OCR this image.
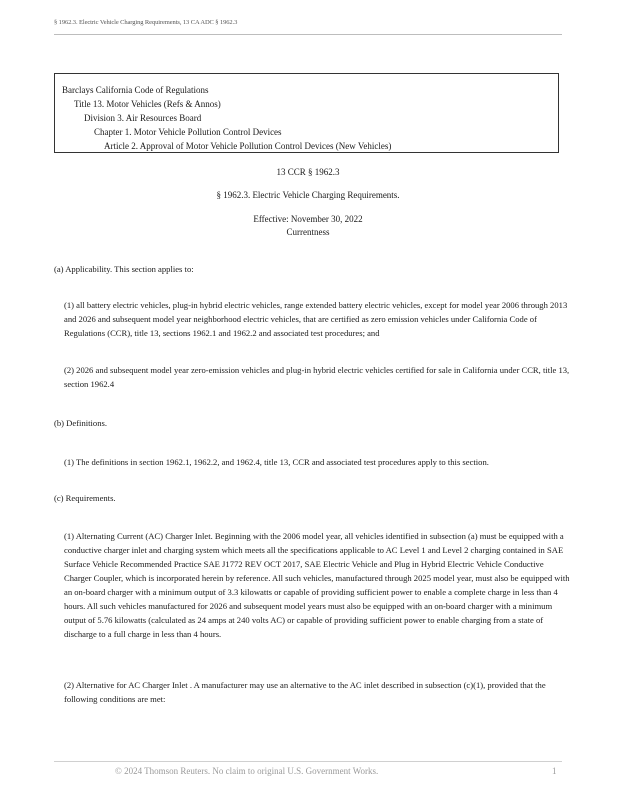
§ 1962.3. Electric Vehicle Charging Requirements, 13 CA ADC § 1962.3
Barclays California Code of Regulations
Title 13. Motor Vehicles (Refs & Annos)
Division 3. Air Resources Board
Chapter 1. Motor Vehicle Pollution Control Devices
Article 2. Approval of Motor Vehicle Pollution Control Devices (New Vehicles)
13 CCR § 1962.3
§ 1962.3. Electric Vehicle Charging Requirements.
Effective: November 30, 2022
Currentness
(a) Applicability. This section applies to:
(1) all battery electric vehicles, plug-in hybrid electric vehicles, range extended battery electric vehicles, except for model year 2006 through 2013 and 2026 and subsequent model year neighborhood electric vehicles, that are certified as zero emission vehicles under California Code of Regulations (CCR), title 13, sections 1962.1 and 1962.2 and associated test procedures; and
(2) 2026 and subsequent model year zero-emission vehicles and plug-in hybrid electric vehicles certified for sale in California under CCR, title 13, section 1962.4
(b) Definitions.
(1) The definitions in section 1962.1, 1962.2, and 1962.4, title 13, CCR and associated test procedures apply to this section.
(c) Requirements.
(1) Alternating Current (AC) Charger Inlet. Beginning with the 2006 model year, all vehicles identified in subsection (a) must be equipped with a conductive charger inlet and charging system which meets all the specifications applicable to AC Level 1 and Level 2 charging contained in SAE Surface Vehicle Recommended Practice SAE J1772 REV OCT 2017, SAE Electric Vehicle and Plug in Hybrid Electric Vehicle Conductive Charger Coupler, which is incorporated herein by reference. All such vehicles, manufactured through 2025 model year, must also be equipped with an on-board charger with a minimum output of 3.3 kilowatts or capable of providing sufficient power to enable a complete charge in less than 4 hours. All such vehicles manufactured for 2026 and subsequent model years must also be equipped with an on-board charger with a minimum output of 5.76 kilowatts (calculated as 24 amps at 240 volts AC) or capable of providing sufficient power to enable charging from a state of discharge to a full charge in less than 4 hours.
(2) Alternative for AC Charger Inlet . A manufacturer may use an alternative to the AC inlet described in subsection (c)(1), provided that the following conditions are met:
© 2024 Thomson Reuters. No claim to original U.S. Government Works.	1
